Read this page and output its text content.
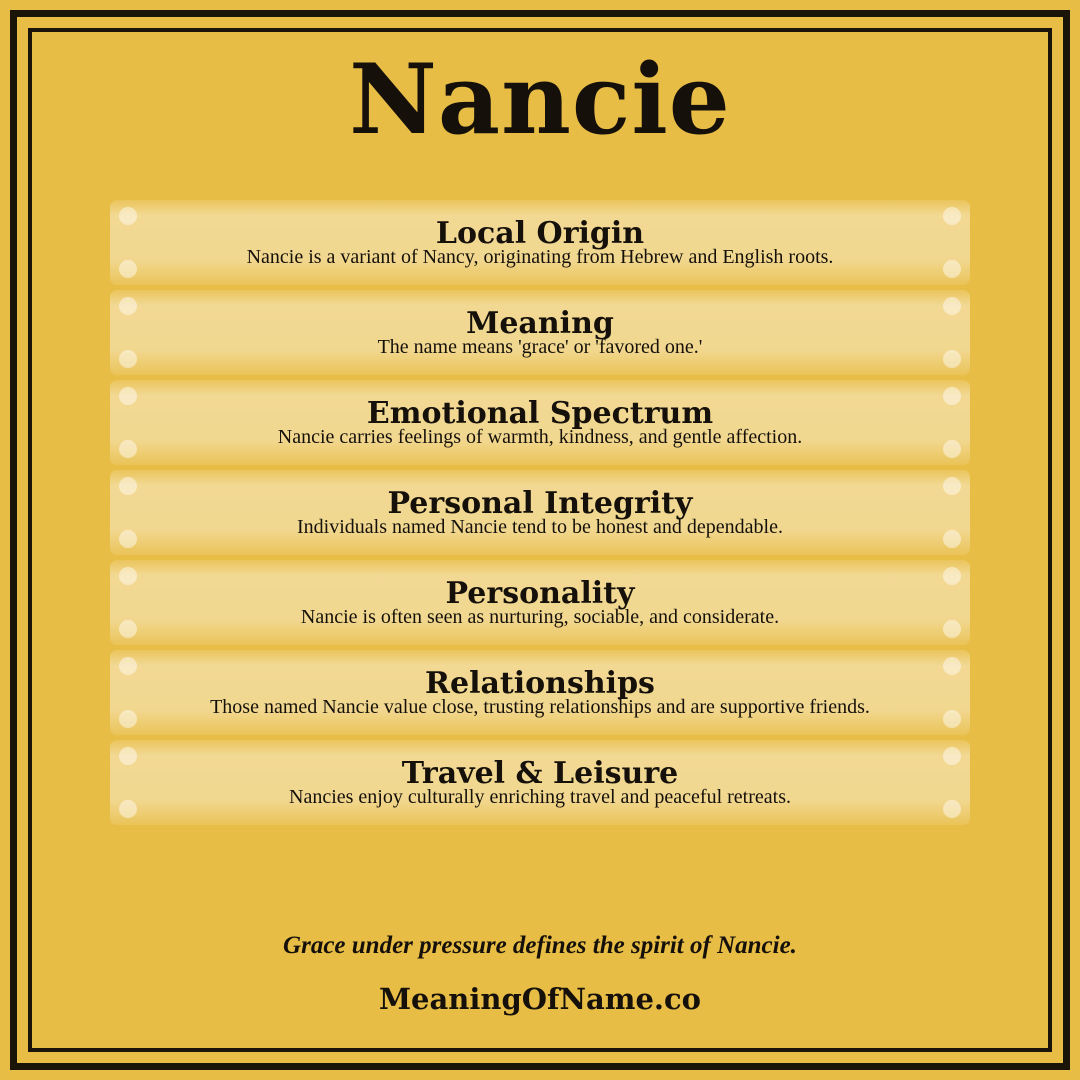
Nancie
Local Origin
Nancie is a variant of Nancy, originating from Hebrew and English roots.
Meaning
The name means 'grace' or 'favored one.'
Emotional Spectrum
Nancie carries feelings of warmth, kindness, and gentle affection.
Personal Integrity
Individuals named Nancie tend to be honest and dependable.
Personality
Nancie is often seen as nurturing, sociable, and considerate.
Relationships
Those named Nancie value close, trusting relationships and are supportive friends.
Travel & Leisure
Nancies enjoy culturally enriching travel and peaceful retreats.
Grace under pressure defines the spirit of Nancie.
MeaningOfName.co
